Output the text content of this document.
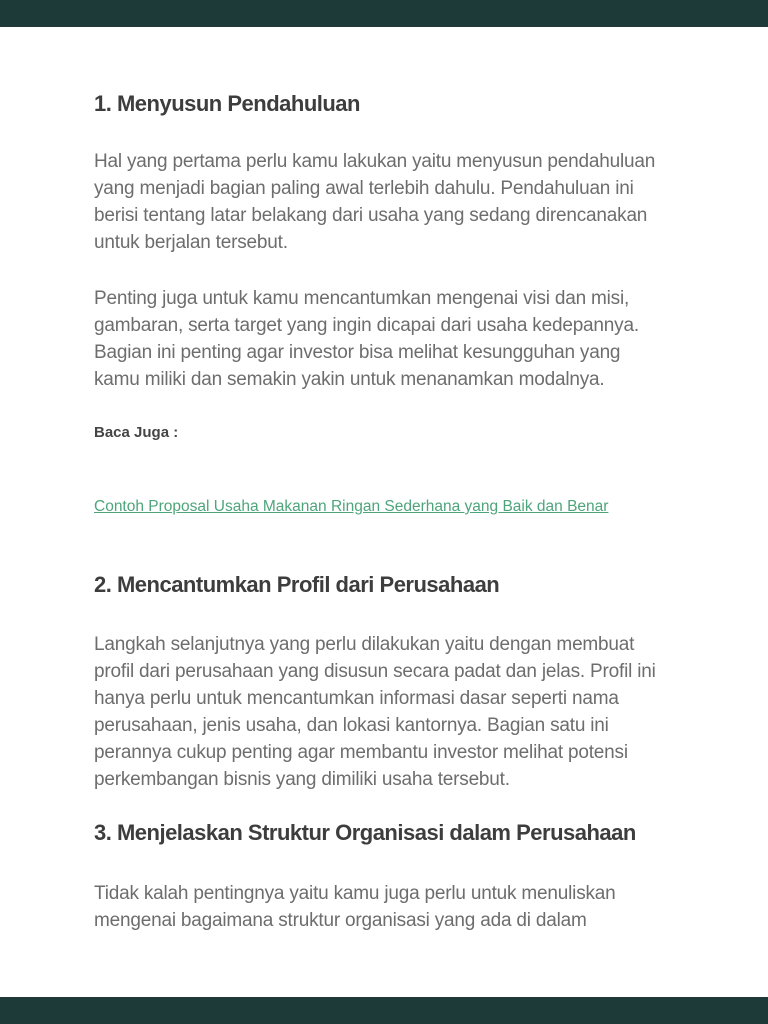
1. Menyusun Pendahuluan
Hal yang pertama perlu kamu lakukan yaitu menyusun pendahuluan
yang menjadi bagian paling awal terlebih dahulu. Pendahuluan ini
berisi tentang latar belakang dari usaha yang sedang direncanakan
untuk berjalan tersebut.
Penting juga untuk kamu mencantumkan mengenai visi dan misi,
gambaran, serta target yang ingin dicapai dari usaha kedepannya.
Bagian ini penting agar investor bisa melihat kesungguhan yang
kamu miliki dan semakin yakin untuk menanamkan modalnya.
Baca Juga :

Contoh Proposal Usaha Makanan Ringan Sederhana yang Baik dan Benar
2. Mencantumkan Profil dari Perusahaan
Langkah selanjutnya yang perlu dilakukan yaitu dengan membuat
profil dari perusahaan yang disusun secara padat dan jelas. Profil ini
hanya perlu untuk mencantumkan informasi dasar seperti nama
perusahaan, jenis usaha, dan lokasi kantornya. Bagian satu ini
perannya cukup penting agar membantu investor melihat potensi
perkembangan bisnis yang dimiliki usaha tersebut.
3. Menjelaskan Struktur Organisasi dalam Perusahaan
Tidak kalah pentingnya yaitu kamu juga perlu untuk menuliskan
mengenai bagaimana struktur organisasi yang ada di dalam
